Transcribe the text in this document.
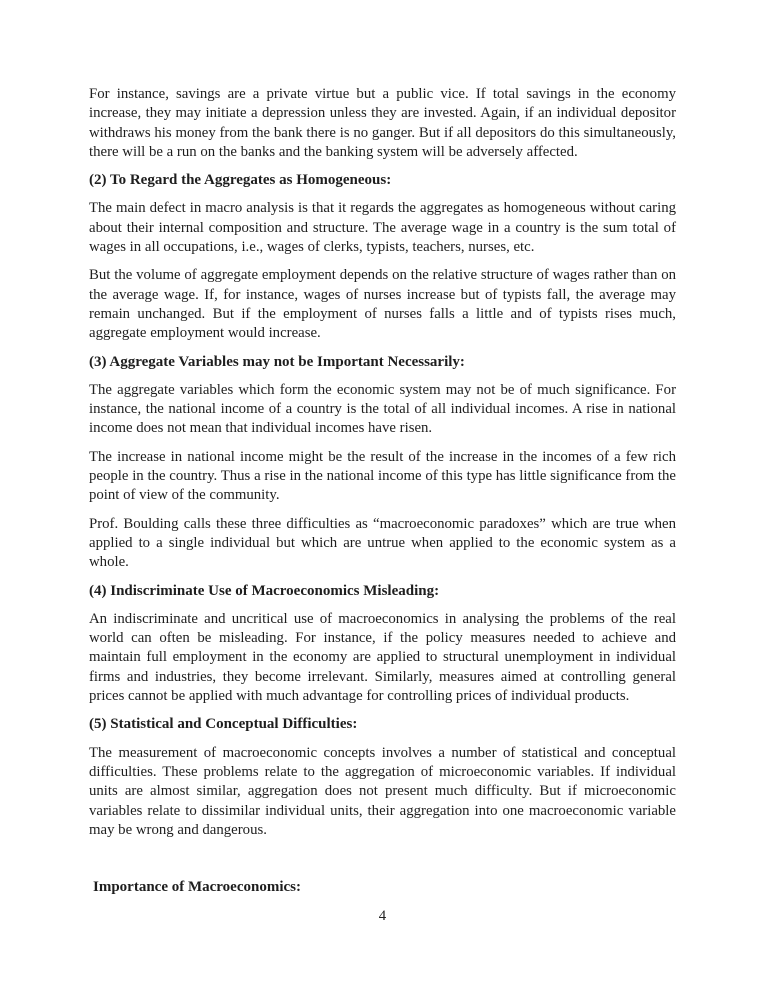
For instance, savings are a private virtue but a public vice. If total savings in the economy increase, they may initiate a depression unless they are invested. Again, if an individual depositor withdraws his money from the bank there is no ganger. But if all depositors do this simultaneously, there will be a run on the banks and the banking system will be adversely affected.

(2) To Regard the Aggregates as Homogeneous:

The main defect in macro analysis is that it regards the aggregates as homogeneous without caring about their internal composition and structure. The average wage in a country is the sum total of wages in all occupations, i.e., wages of clerks, typists, teachers, nurses, etc.

But the volume of aggregate employment depends on the relative structure of wages rather than on the average wage. If, for instance, wages of nurses increase but of typists fall, the average may remain unchanged. But if the employment of nurses falls a little and of typists rises much, aggregate employment would increase.

(3) Aggregate Variables may not be Important Necessarily:

The aggregate variables which form the economic system may not be of much significance. For instance, the national income of a country is the total of all individual incomes. A rise in national income does not mean that individual incomes have risen.

The increase in national income might be the result of the increase in the incomes of a few rich people in the country. Thus a rise in the national income of this type has little significance from the point of view of the community.

Prof. Boulding calls these three difficulties as “macroeconomic paradoxes” which are true when applied to a single individual but which are untrue when applied to the economic system as a whole.

(4) Indiscriminate Use of Macroeconomics Misleading:

An indiscriminate and uncritical use of macroeconomics in analysing the problems of the real world can often be misleading. For instance, if the policy measures needed to achieve and maintain full employment in the economy are applied to structural unemployment in individual firms and industries, they become irrelevant. Similarly, measures aimed at controlling general prices cannot be applied with much advantage for controlling prices of individual products.

(5) Statistical and Conceptual Difficulties:

The measurement of macroeconomic concepts involves a number of statistical and conceptual difficulties. These problems relate to the aggregation of microeconomic variables. If individual units are almost similar, aggregation does not present much difficulty. But if microeconomic variables relate to dissimilar individual units, their aggregation into one macroeconomic variable may be wrong and dangerous.

Importance of Macroeconomics:
4
